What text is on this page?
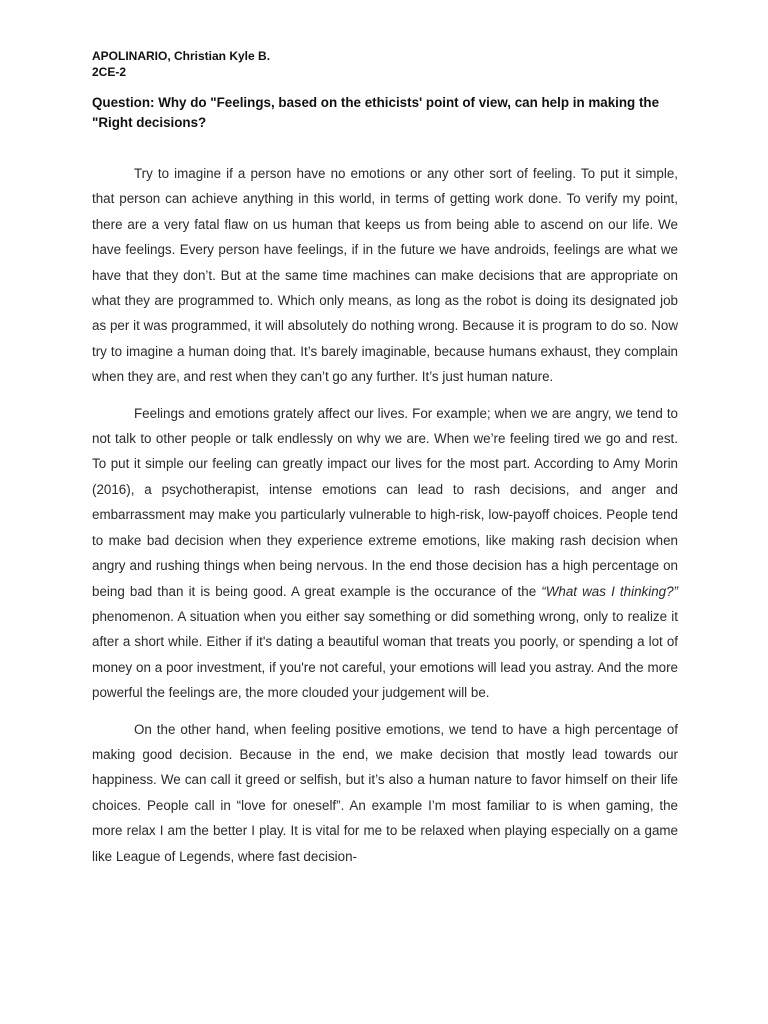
APOLINARIO, Christian Kyle B.

2CE-2

Question: Why do "Feelings, based on the ethicists' point of view, can help in making the "Right decisions?

Try to imagine if a person have no emotions or any other sort of feeling. To put it simple, that person can achieve anything in this world, in terms of getting work done. To verify my point, there are a very fatal flaw on us human that keeps us from being able to ascend on our life. We have feelings. Every person have feelings, if in the future we have androids, feelings are what we have that they don’t. But at the same time machines can make decisions that are appropriate on what they are programmed to. Which only means, as long as the robot is doing its designated job as per it was programmed, it will absolutely do nothing wrong. Because it is program to do so. Now try to imagine a human doing that. It’s barely imaginable, because humans exhaust, they complain when they are, and rest when they can’t go any further. It’s just human nature.

Feelings and emotions grately affect our lives. For example; when we are angry, we tend to not talk to other people or talk endlessly on why we are. When we’re feeling tired we go and rest. To put it simple our feeling can greatly impact our lives for the most part. According to Amy Morin (2016), a psychotherapist, intense emotions can lead to rash decisions, and anger and embarrassment may make you particularly vulnerable to high-risk, low-payoff choices. People tend to make bad decision when they experience extreme emotions, like making rash decision when angry and rushing things when being nervous. In the end those decision has a high percentage on being bad than it is being good. A great example is the occurance of the “What was I thinking?” phenomenon. A situation when you either say something or did something wrong, only to realize it after a short while. Either if it's dating a beautiful woman that treats you poorly, or spending a lot of money on a poor investment, if you're not careful, your emotions will lead you astray. And the more powerful the feelings are, the more clouded your judgement will be.

On the other hand, when feeling positive emotions, we tend to have a high percentage of making good decision. Because in the end, we make decision that mostly lead towards our happiness. We can call it greed or selfish, but it’s also a human nature to favor himself on their life choices. People call in “love for oneself”. An example I’m most familiar to is when gaming, the more relax I am the better I play. It is vital for me to be relaxed when playing especially on a game like League of Legends, where fast decision-
